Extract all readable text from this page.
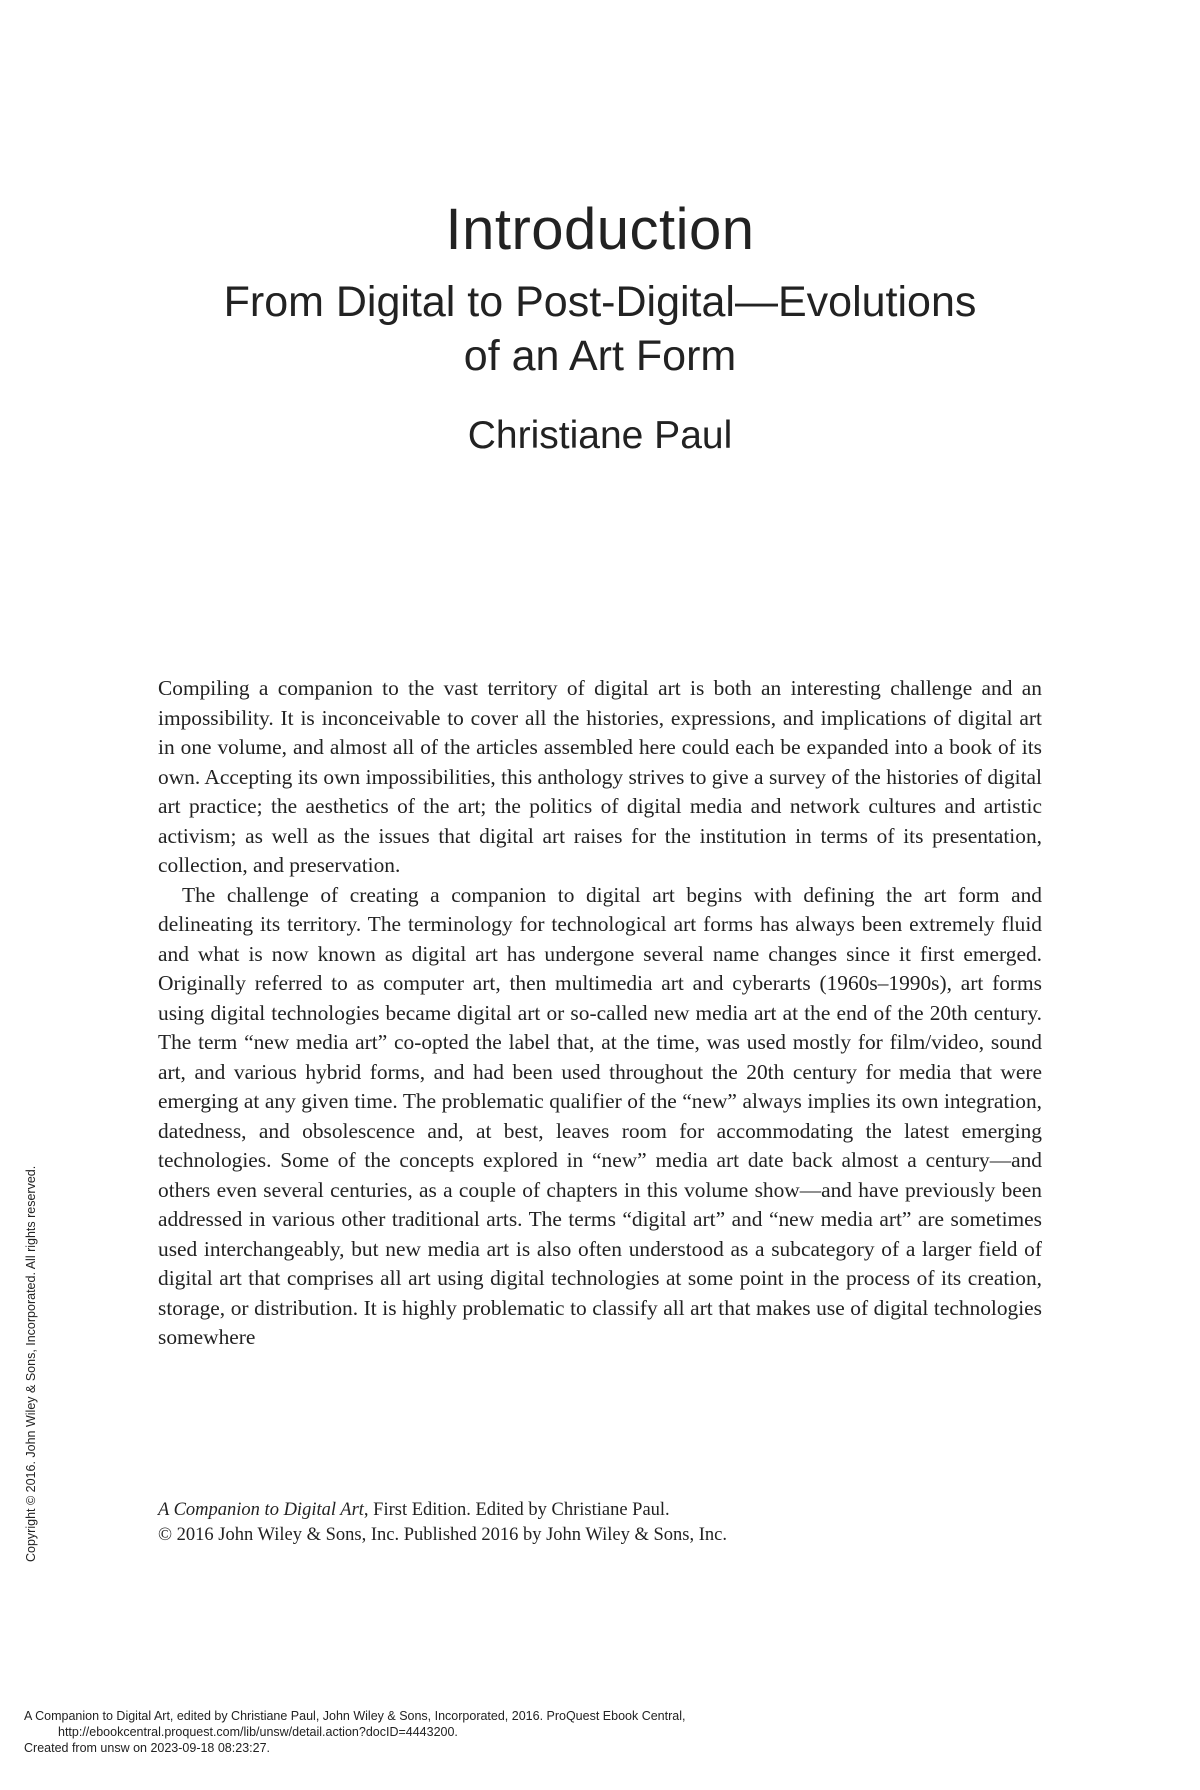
Introduction
From Digital to Post-Digital—Evolutions
of an Art Form
Christiane Paul

Compiling a companion to the vast territory of digital art is both an interesting challenge and an impossibility. It is inconceivable to cover all the histories, expressions, and implications of digital art in one volume, and almost all of the articles assembled here could each be expanded into a book of its own. Accepting its own impossibilities, this anthology strives to give a survey of the histories of digital art practice; the aesthetics of the art; the politics of digital media and network cultures and artistic activism; as well as the issues that digital art raises for the institution in terms of its presentation, collection, and preservation.

The challenge of creating a companion to digital art begins with defining the art form and delineating its territory. The terminology for technological art forms has always been extremely fluid and what is now known as digital art has undergone several name changes since it first emerged. Originally referred to as computer art, then multimedia art and cyberarts (1960s–1990s), art forms using digital technologies became digital art or so-called new media art at the end of the 20th century. The term “new media art” co-opted the label that, at the time, was used mostly for film/video, sound art, and various hybrid forms, and had been used throughout the 20th century for media that were emerging at any given time. The problematic qualifier of the “new” always implies its own integration, datedness, and obsolescence and, at best, leaves room for accommodating the latest emerging technologies. Some of the concepts explored in “new” media art date back almost a century—and others even several centuries, as a couple of chapters in this volume show—and have previously been addressed in various other traditional arts. The terms “digital art” and “new media art” are sometimes used interchangeably, but new media art is also often understood as a subcategory of a larger field of digital art that comprises all art using digital technologies at some point in the process of its creation, storage, or distribution. It is highly problematic to classify all art that makes use of digital technologies somewhere

A Companion to Digital Art, First Edition. Edited by Christiane Paul.
© 2016 John Wiley & Sons, Inc. Published 2016 by John Wiley & Sons, Inc.
Copyright © 2016. John Wiley & Sons, Incorporated. All rights reserved.
A Companion to Digital Art, edited by Christiane Paul, John Wiley & Sons, Incorporated, 2016. ProQuest Ebook Central,
http://ebookcentral.proquest.com/lib/unsw/detail.action?docID=4443200.
Created from unsw on 2023-09-18 08:23:27.
